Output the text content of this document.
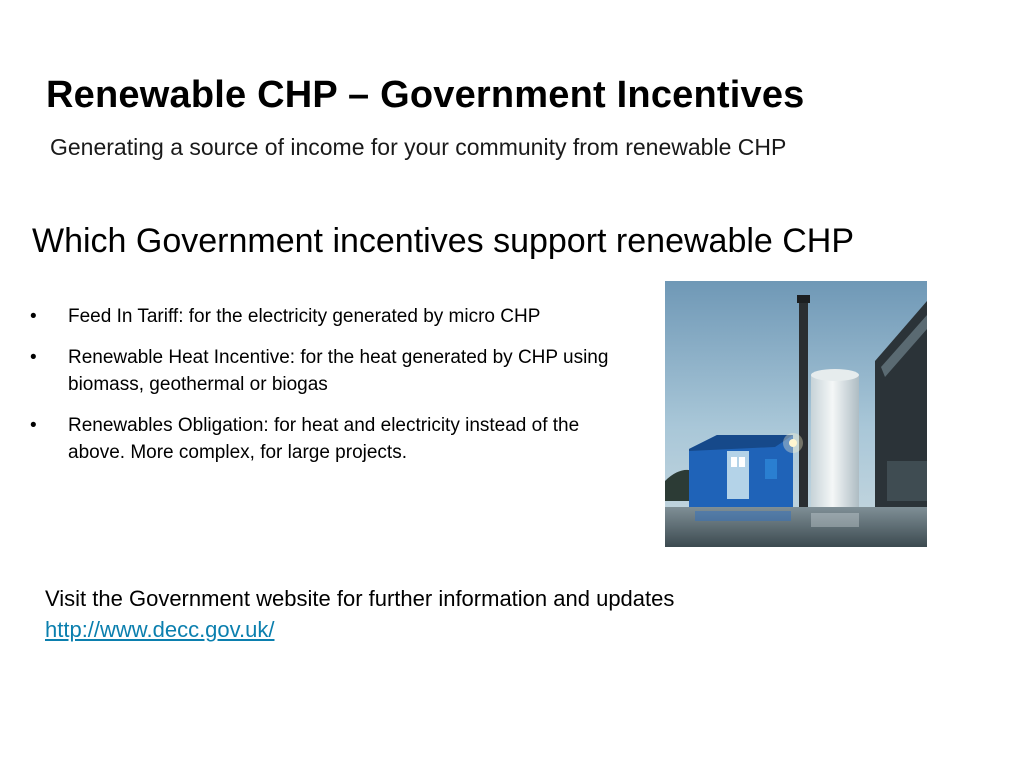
Renewable CHP – Government Incentives
Generating a source of income for your community from renewable CHP
Which Government incentives support renewable CHP
• Feed In Tariff: for the electricity generated by micro CHP
• Renewable Heat Incentive: for the heat generated by CHP using biomass, geothermal or biogas
• Renewables Obligation: for heat and electricity instead of the above. More complex, for large projects.

Visit the Government website for further information and updates

http://www.decc.gov.uk/
